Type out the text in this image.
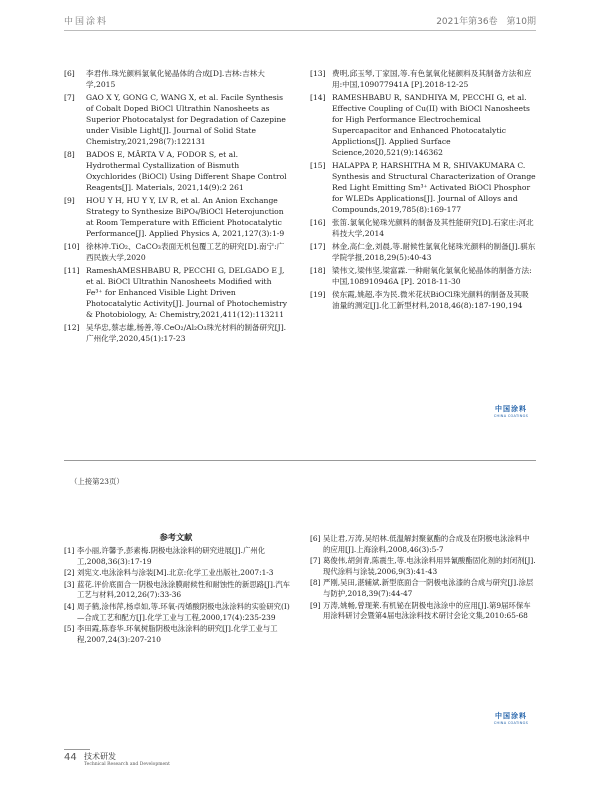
中国涂料	2021年第36卷　第10期
[6] 李君伟.珠光颜料氯氧化铋晶体的合成[D].吉林:吉林大学,2015
[7] GAO X Y, GONG C, WANG X, et al. Facile Synthesis of Cobalt Doped BiOCl Ultrathin Nanosheets as Superior Photocatalyst for Degradation of Cazepine under Visible Light[J]. Journal of Solid State Chemistry,2021,298(7):122131
[8] BADOS E, MÂRTA V A, FODOR S, et al. Hydrothermal Cystallization of Bismuth Oxychlorides (BiOCl) Using Different Shape Control Reagents[J]. Materials, 2021,14(9):2 261
[9] HOU Y H, HU Y Y, LV R, et al. An Anion Exchange Strategy to Synthesize BiPO₄/BiOCl Heterojunction at Room Temperature with Efficient Photocatalytic Performance[J]. Applied Physics A, 2021,127(3):1-9
[10] 徐林冲.TiO₂、CaCO₃表面无机包覆工艺的研究[D].南宁:广西民族大学,2020
[11] RameshAMESHBABU R, PECCHI G, DELGADO E J, et al. BiOCl Ultrathin Nanosheets Modified with Fe³⁺ for Enhanced Visible Light Driven Photocatalytic Activity[J]. Journal of Photochemistry & Photobiology, A: Chemistry,2021,411(12):113211
[12] 吴华忠,蔡志雄,杨善,等.CeO₂/Al₂O₃珠光材料的制备研究[J].广州化学,2020,45(1):17-23
[13] 费明,邱玉琴,丁家国,等.有色氯氧化铋颜料及其制备方法和应用:中国,109077941A [P].2018-12-25
[14] RAMESHBABU R, SANDHIYA M, PECCHI G, et al. Effective Coupling of Cu(II) with BiOCl Nanosheets for High Performance Electrochemical Supercapacitor and Enhanced Photocatalytic Applictions[J]. Applied Surface Science,2020,521(9):146362
[15] HALAPPA P, HARSHITHA M R, SHIVAKUMARA C. Synthesis and Structural Characterization of Orange Red Light Emitting Sm³⁺ Activated BiOCl Phosphor for WLEDs Applications[J]. Journal of Alloys and Compounds,2019,785(8):169-177
[16] 张笛.氯氧化铋珠光颜料的制备及其性能研究[D].石家庄:河北科技大学,2014
[17] 林金,高仁金,刘晨,等.耐候性氯氧化铋珠光颜料的制备[J].骐东学院学报,2018,29(5):40-43
[18] 梁伟文,梁伟坚,梁富霖.一种耐氧化氯氧化铋晶体的制备方法:中国,108910946A [P]. 2018-11-30
[19] 侯东霞,姚超,李为民.微米花状BiOCl珠光颜料的制备及其吸油量的测定[J].化工新型材料,2018,46(8):187-190,194
中国涂料
CHINA COATINGS
（上接第23页）
参考文献
[1] 李小丽,许馨予,彭素梅.阴极电泳涂料的研究进展[J].广州化工,2008,36(3):17-19
[2] 刘宪文.电泳涂料与涂装[M].北京:化学工业出版社,2007:1-3
[3] 蓝花.评价底面合一阴极电泳涂膜耐候性和耐蚀性的新思路[J].汽车工艺与材料,2012,26(7):33-36
[4] 周子鹤,涂伟萍,杨卓如,等.环氧-丙烯酸阴极电泳涂料的实验研究(I)—合成工艺和配方[J].化学工业与工程,2000,17(4):235-239
[5] 李田霞,陈春华.环氧树脂阴极电泳涂料的研究[J].化学工业与工程,2007,24(3):207-210
[6] 吴让君,万涛,吴绍林.低温解封聚氨酯的合成及在阴极电泳涂料中的应用[J].上海涂料,2008,46(3):5-7
[7] 葛俊伟,胡剑青,陈震生,等.电泳涂料用异氰酸酯固化剂的封闭剂[J].现代涂料与涂装,2006,9(3):41-43
[8] 严刚,吴田,湛辅斌.新型底面合一阴极电泳漆的合成与研究[J].涂层与防护,2018,39(7):44-47
[9] 万涛,姚畅,曾现莱.有机铋在阴极电泳涂中的应用[J].第9届环保车用涂料研讨会暨第4届电泳涂料技术研讨会论文集,2010:65-68
中国涂料
CHINA COATINGS
44 技术研发
Technical Research and Development
